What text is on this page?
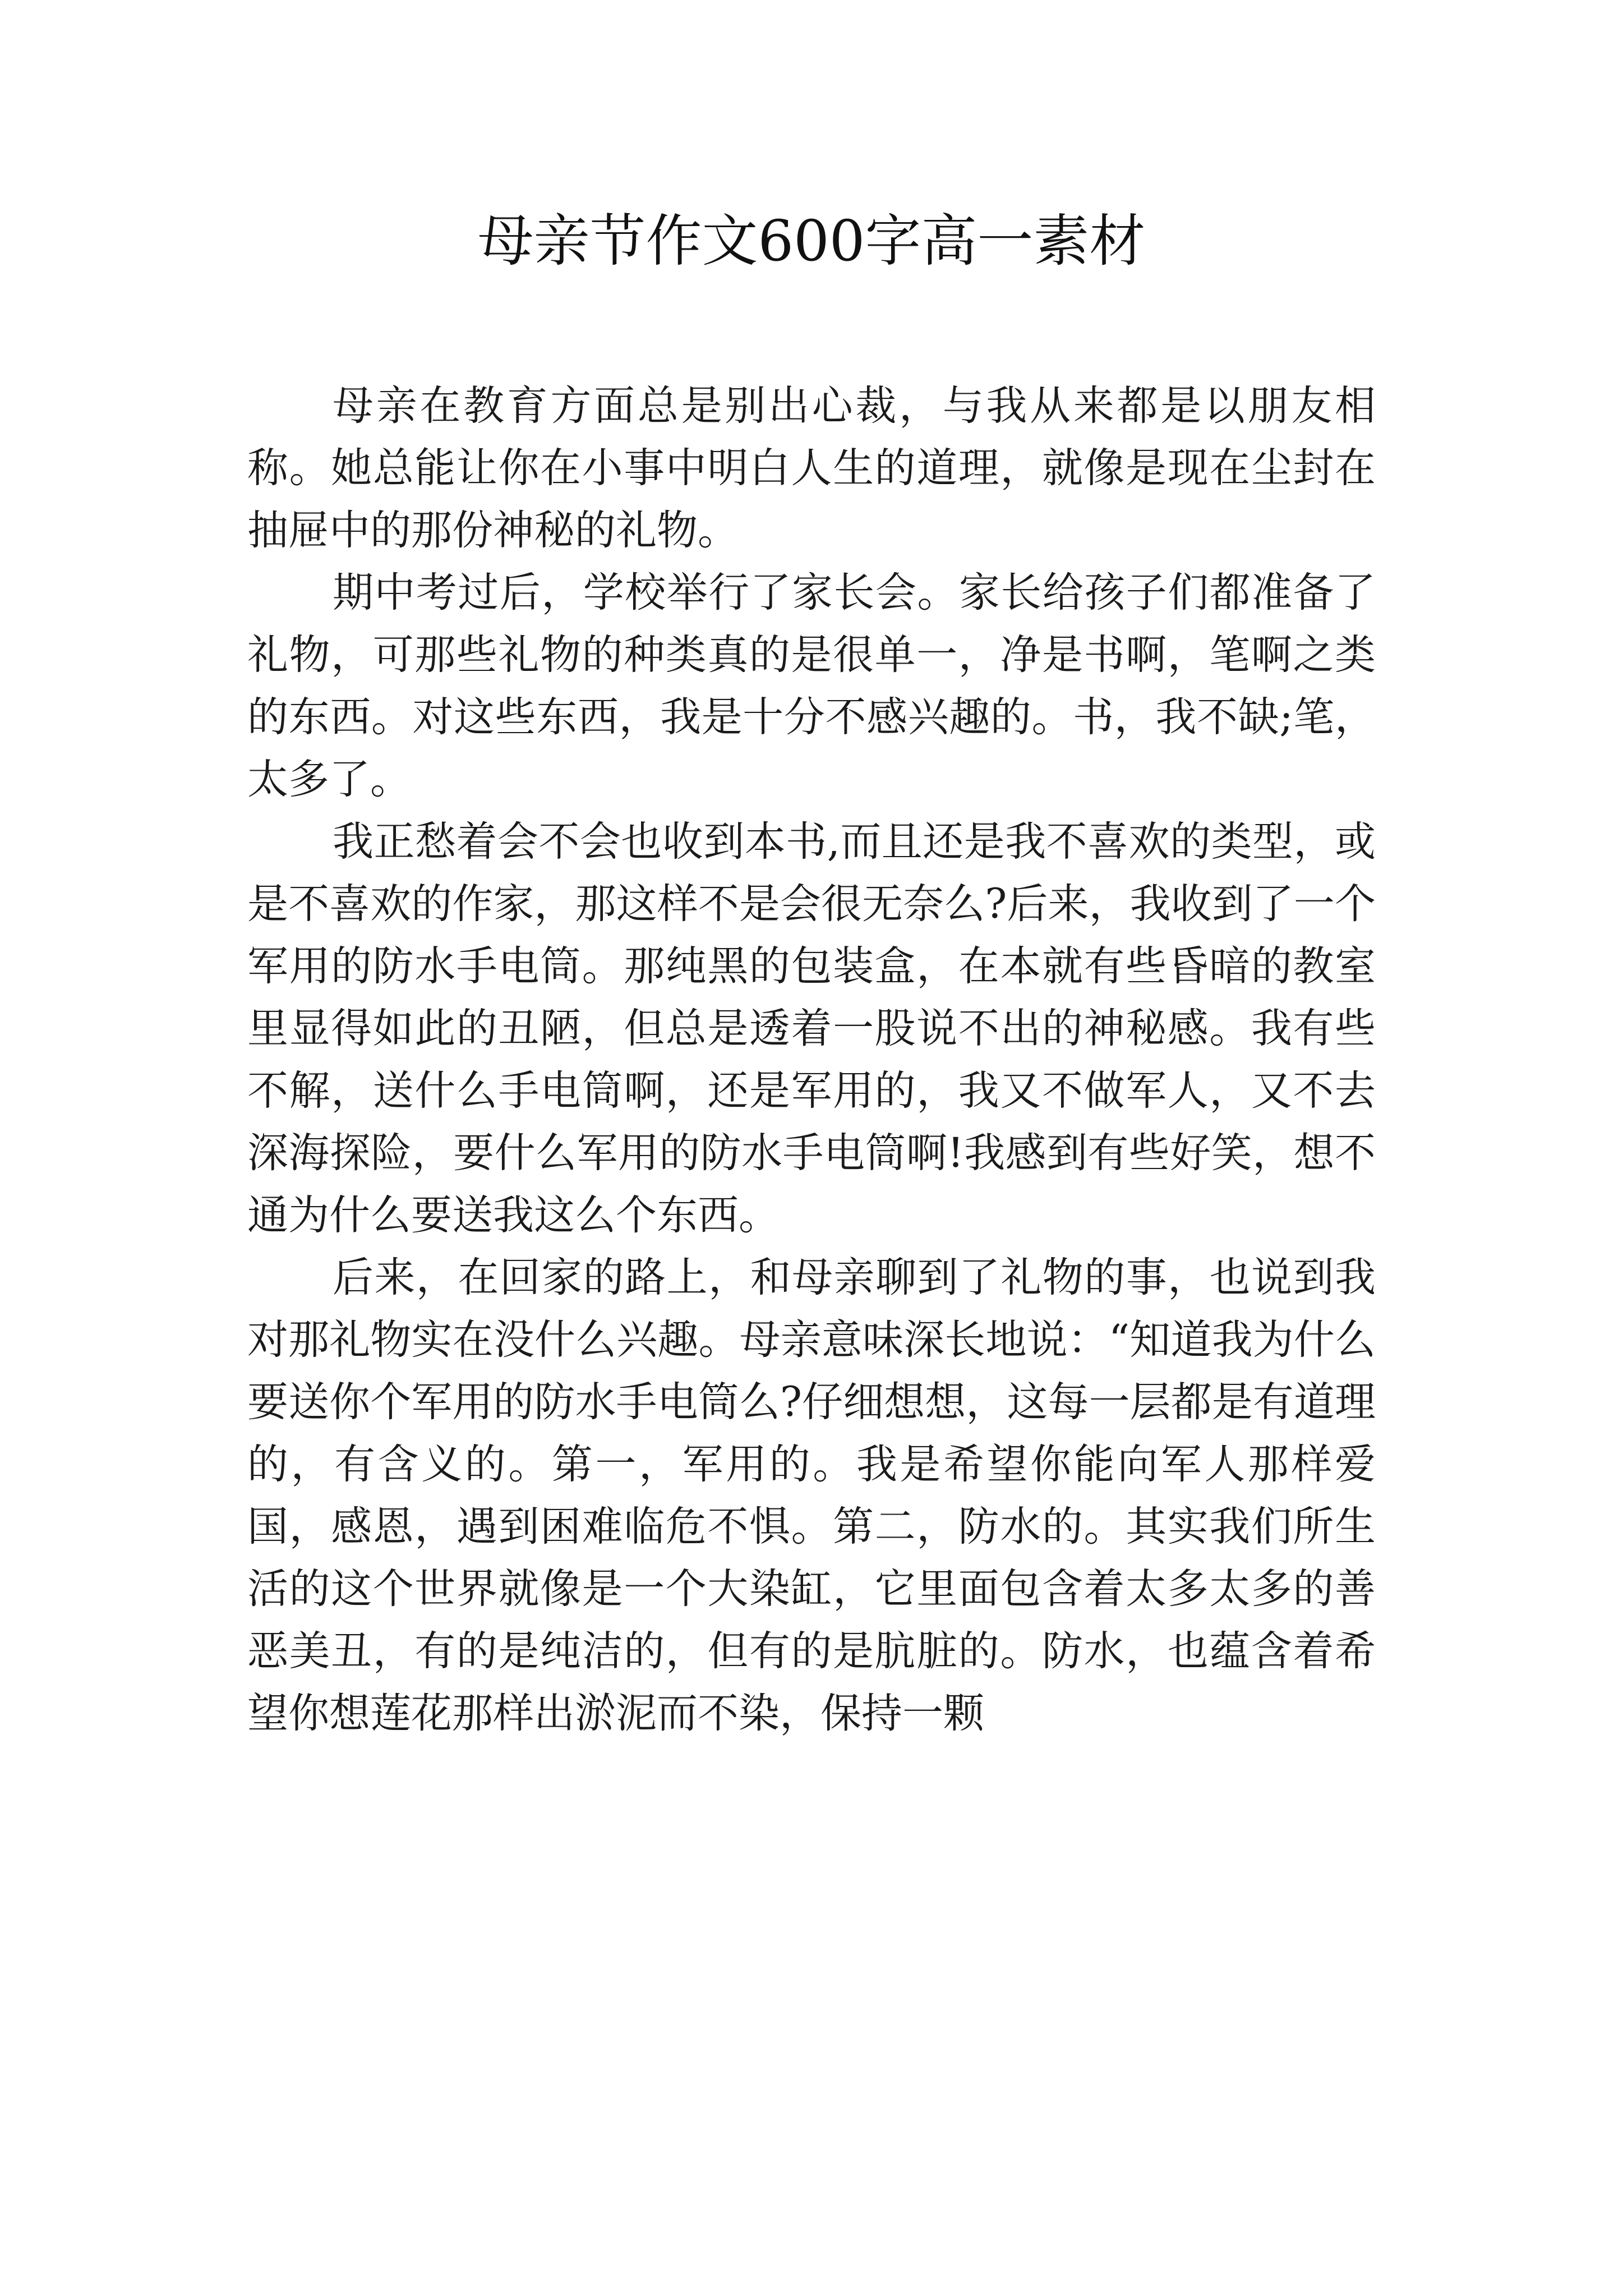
母亲节作文600字高一素材

母亲在教育方面总是别出心裁，与我从来都是以朋友相称。她总能让你在小事中明白人生的道理，就像是现在尘封在抽屉中的那份神秘的礼物。

期中考过后，学校举行了家长会。家长给孩子们都准备了礼物，可那些礼物的种类真的是很单一，净是书啊，笔啊之类的东西。对这些东西，我是十分不感兴趣的。书，我不缺;笔，太多了。

我正愁着会不会也收到本书,而且还是我不喜欢的类型，或是不喜欢的作家，那这样不是会很无奈么?后来，我收到了一个军用的防水手电筒。那纯黑的包装盒，在本就有些昏暗的教室里显得如此的丑陋，但总是透着一股说不出的神秘感。我有些不解，送什么手电筒啊，还是军用的，我又不做军人，又不去深海探险，要什么军用的防水手电筒啊!我感到有些好笑，想不通为什么要送我这么个东西。

后来，在回家的路上，和母亲聊到了礼物的事，也说到我对那礼物实在没什么兴趣。母亲意味深长地说：“知道我为什么要送你个军用的防水手电筒么?仔细想想，这每一层都是有道理的，有含义的。第一，军用的。我是希望你能向军人那样爱国，感恩，遇到困难临危不惧。第二，防水的。其实我们所生活的这个世界就像是一个大染缸，它里面包含着太多太多的善恶美丑，有的是纯洁的，但有的是肮脏的。防水，也蕴含着希望你想莲花那样出淤泥而不染，保持一颗
